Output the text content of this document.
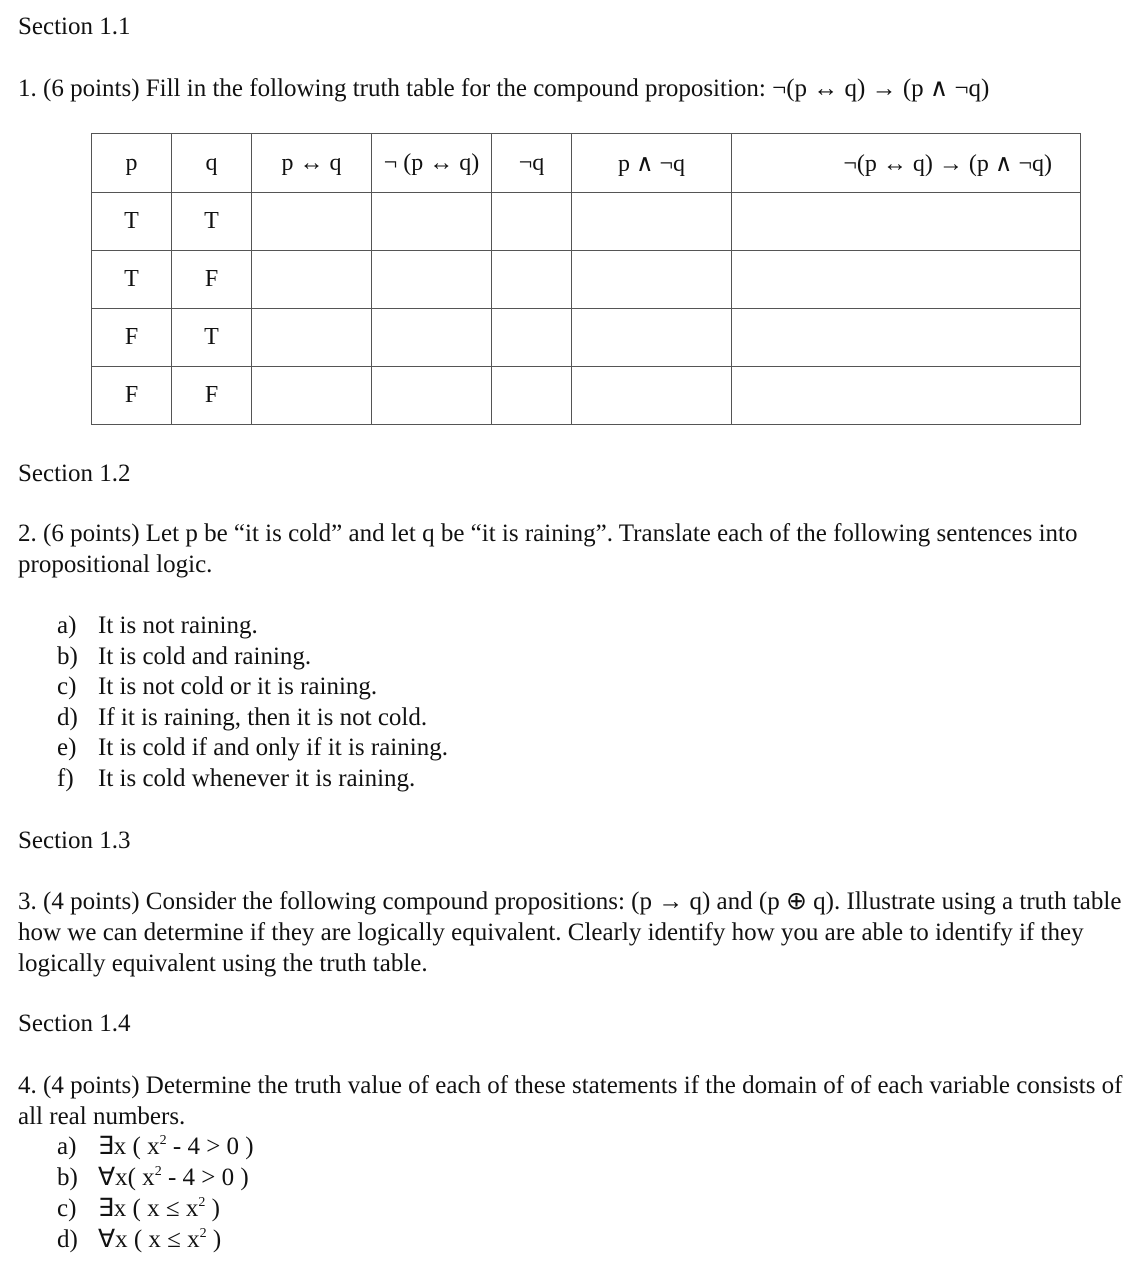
Section 1.1
1. (6 points) Fill in the following truth table for the compound proposition: ¬(p ↔ q) → (p ∧ ¬q)
p	q	p ↔ q	¬ (p ↔ q)	¬q	p ∧ ¬q	¬(p ↔ q) → (p ∧ ¬q)
T	T					
T	F					
F	T					
F	F					
Section 1.2
2. (6 points) Let p be “it is cold” and let q be “it is raining”. Translate each of the following sentences into propositional logic.
a) It is not raining.
b) It is cold and raining.
c) It is not cold or it is raining.
d) If it is raining, then it is not cold.
e) It is cold if and only if it is raining.
f) It is cold whenever it is raining.
Section 1.3
3. (4 points) Consider the following compound propositions: (p → q) and (p ⊕ q). Illustrate using a truth table how we can determine if they are logically equivalent. Clearly identify how you are able to identify if they logically equivalent using the truth table.
Section 1.4
4. (4 points) Determine the truth value of each of these statements if the domain of of each variable consists of all real numbers.
a) ∃x ( $x^2 - 4 > 0$ )
b) ∀x( $x^2 - 4 > 0$ )
c) ∃x ( $x \le x^2$ )
d) ∀x ( $x \le x^2$ )
